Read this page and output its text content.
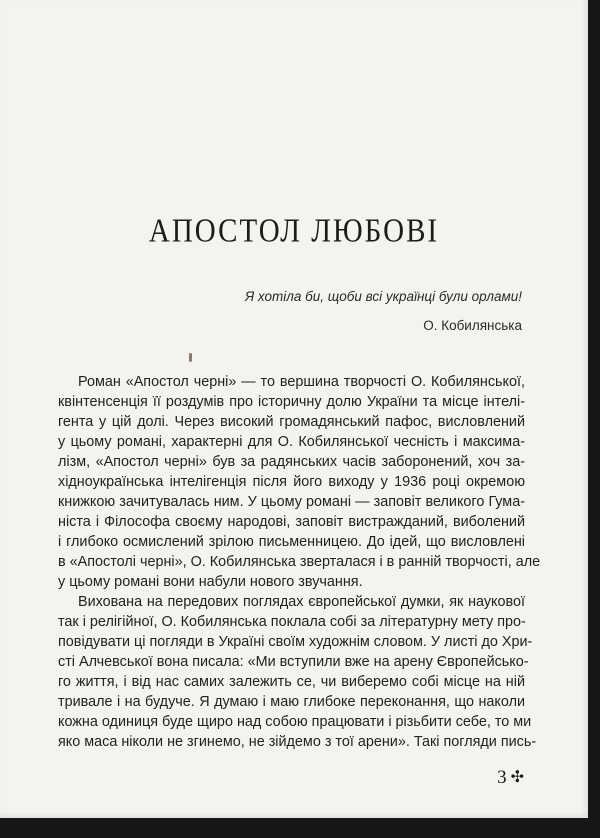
АПОСТОЛ ЛЮБОВІ
Я хотіла би, щоби всі українці були орлами!
О. Кобилянська
Роман «Апостол черні» — то вершина творчості О. Кобилянської,
квінтенсенція її роздумів про історичну долю України та місце інтелі-
гента у цій долі. Через високий громадянський пафос, висловлений
у цьому романі, характерні для О. Кобилянської чесність і максима-
лізм, «Апостол черні» був за радянських часів заборонений, хоч за-
хідноукраїнська інтелігенція після його виходу у 1936 році окремою
книжкою зачитувалась ним. У цьому романі — заповіт великого Гума-
ніста і Філософа своєму народові, заповіт вистражданий, виболений
і глибоко осмислений зрілою письменницею. До ідей, що висловлені
в «Апостолі черні», О. Кобилянська зверталася і в ранній творчості, але
у цьому романі вони набули нового звучання.
Вихована на передових поглядах європейської думки, як наукової
так і релігійної, О. Кобилянська поклала собі за літературну мету про-
повідувати ці погляди в Україні своїм художнім словом. У листі до Хри-
сті Алчевської вона писала: «Ми вступили вже на арену Європейсько-
го життя, і від нас самих залежить се, чи виберемо собі місце на ній
тривале і на будуче. Я думаю і маю глибоке переконання, що наколи
кожна одиниця буде щиро над собою працювати і різьбити себе, то ми
яко маса ніколи не згинемо, не зійдемо з тої арени». Такі погляди пись-
3 ✣
